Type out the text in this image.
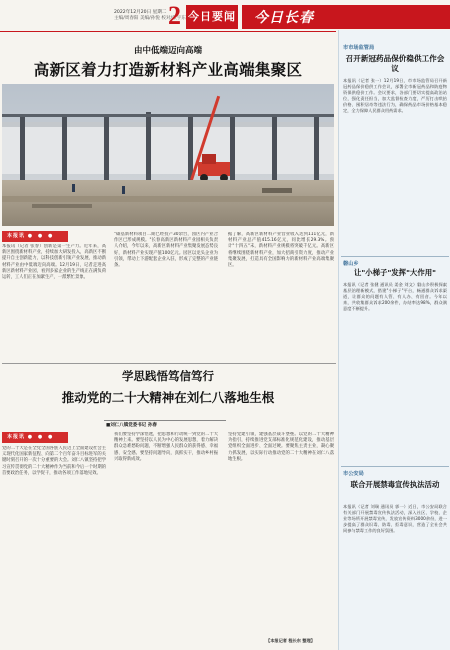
2022年12月20日 星期二
主编/周春阳 美编/孙悦 校对/张宇东
2 今日要闻 今日长春
由中低端迈向高端
高新区着力打造新材料产业高端集聚区
本报讯 ● ● ●
本报讯（记者 张春）创新是第一生产力。近年来，高新区围绕新材料产业，持续加大研发投入，高新区不断提升自主创新能力，以科技创新引领产业发展，推动新材料产业由中低端迈向高端。12月19日，记者走进高新区新材料产业园，看到多家企业的生产线正在满负荷运转，工人们正在加紧生产，一派繁忙景象。
"碳基新材料项目二期已经投产30余台，园区内产业合作区已形成规模。"长春高新区新材料产业园相关负责人介绍，今年以来，高新区新材料产业集聚发展态势良好，新材料产业实现产值100亿元。园区以龙头企业为引领，带动上下游配套企业入驻，形成了完整的产业链条。
据了解，高新区新材料产业营业收入达到111亿元，新材料产业总产值415.16亿元，同比增长29.3%。预计"十四五"末，新材料产业规模将突破千亿元。高新区将继续围绕新材料产业，加大招商引资力度，推动产业集聚发展，打造具有全国影响力的新材料产业高端集聚区。
学思践悟笃信笃行
推动党的二十大精神在刘仁八落地生根
■刘仁八镇党委书记 孙春
本报讯 ● ● ●
党的二十大是在全党全国各族人民迈上全面建设社会主义现代化国家新征程、向第二个百年奋斗目标进军的关键时刻召开的一次十分重要的大会。刘仁八镇坚持把学习宣传贯彻党的二十大精神作为当前和今后一个时期的首要政治任务，以学促干，推动各项工作落地见效。
我们要坚持学深悟透，把思想和行动统一到党的二十大精神上来。要坚持以人民为中心的发展思想，着力解决群众急难愁盼问题，不断增强人民群众的获得感、幸福感、安全感。要坚持问题导向，真抓实干，推动乡村振兴取得新成效。
坚持党建引领，建强基层战斗堡垒。以党的二十大精神为指引，持续推进党支部标准化规范化建设，推动基层党组织全面进步、全面过硬。要聚焦主责主业，凝心聚力抓发展，以实际行动推动党的二十大精神在刘仁八落地生根。
【本报记者 程长东 整理】
市市场监管局
召开新冠药品保价稳供工作会议
本报讯（记者 张一）12月19日，市市场监管局召开新冠药品保价稳供工作会议，部署全市新冠药品和防疫物资保供稳价工作。会议要求，各部门要切实提高政治站位，强化责任担当，加大监督检查力度，严厉打击哄抬价格、囤积居奇等违法行为，确保药品市场价格基本稳定，全力保障人民群众用药需求。
磐山乡
让"小梯子"发挥"大作用"
本报讯（记者 张健 通讯员 姜金 刘文）磐山乡积极探索基层治理新模式，搭建"小梯子"平台，畅通群众诉求渠道，让群众的问题有人管、有人办、有回音。今年以来，共收集群众诉求200余件，办结率达98%，群众满意度不断提升。
市公安局
联合开展禁毒宣传执法活动
本报讯（记者 刘瑞 通讯员 郭一）近日，市公安局联合有关部门开展禁毒宣传执法活动，深入社区、学校、企业等场所开展禁毒宣传，发放宣传资料3000余份，进一步提高了群众识毒、防毒、拒毒意识，营造了全社会共同参与禁毒工作的良好氛围。
